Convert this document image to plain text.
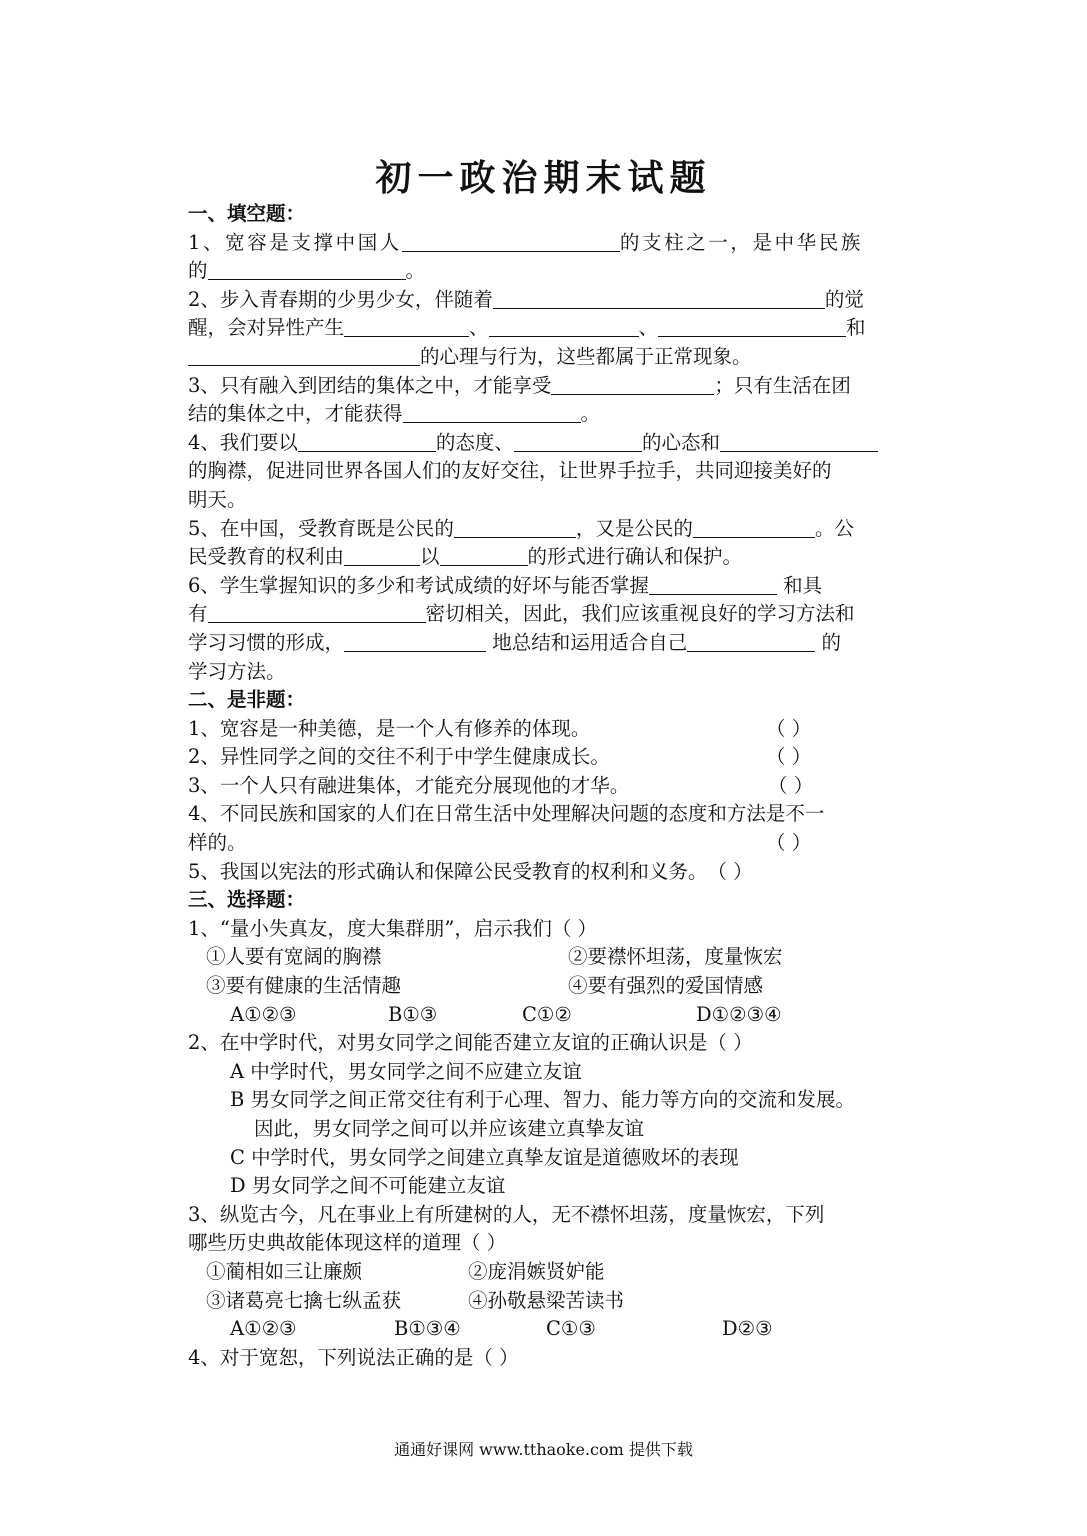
初一政治期末试题
一、填空题：
1、宽容是支撑中国人	的支柱之一，是中华民族
的	。
2、步入青春期的少男少女，伴随着	的觉
醒，会对异性产生	、	、	和
的心理与行为，这些都属于正常现象。
3、只有融入到团结的集体之中，才能享受	；只有生活在团
结的集体之中，才能获得	。
4、我们要以	的态度、	的心态和
的胸襟，促进同世界各国人们的友好交往，让世界手拉手，共同迎接美好的
明天。
5、在中国，受教育既是公民的	，又是公民的	。公
民受教育的权利由	以	的形式进行确认和保护。
6、学生掌握知识的多少和考试成绩的好坏与能否掌握	和具
有	密切相关，因此，我们应该重视良好的学习方法和
学习习惯的形成，	地总结和运用适合自己	的
学习方法。
二、是非题：
1、宽容是一种美德，是一个人有修养的体现。	（ ）
2、异性同学之间的交往不利于中学生健康成长。	（ ）
3、一个人只有融进集体，才能充分展现他的才华。	（ ）
4、不同民族和国家的人们在日常生活中处理解决问题的态度和方法是不一
样的。	（ ）
5、我国以宪法的形式确认和保障公民受教育的权利和义务。（ ）
三、选择题：
1、“量小失真友，度大集群朋”，启示我们（ ）
①人要有宽阔的胸襟	②要襟怀坦荡，度量恢宏
③要有健康的生活情趣	④要有强烈的爱国情感
A①②③	B①③	C①②	D①②③④
2、在中学时代，对男女同学之间能否建立友谊的正确认识是（ ）
A 中学时代，男女同学之间不应建立友谊
B 男女同学之间正常交往有利于心理、智力、能力等方向的交流和发展。
因此，男女同学之间可以并应该建立真挚友谊
C 中学时代，男女同学之间建立真挚友谊是道德败坏的表现
D 男女同学之间不可能建立友谊
3、纵览古今，凡在事业上有所建树的人，无不襟怀坦荡，度量恢宏，下列
哪些历史典故能体现这样的道理（ ）
①蔺相如三让廉颇	②庞涓嫉贤妒能
③诸葛亮七擒七纵孟获	④孙敬悬梁苦读书
A①②③	B①③④	C①③	D②③
4、对于宽恕，下列说法正确的是（ ）
通通好课网 www.tthaoke.com 提供下载
